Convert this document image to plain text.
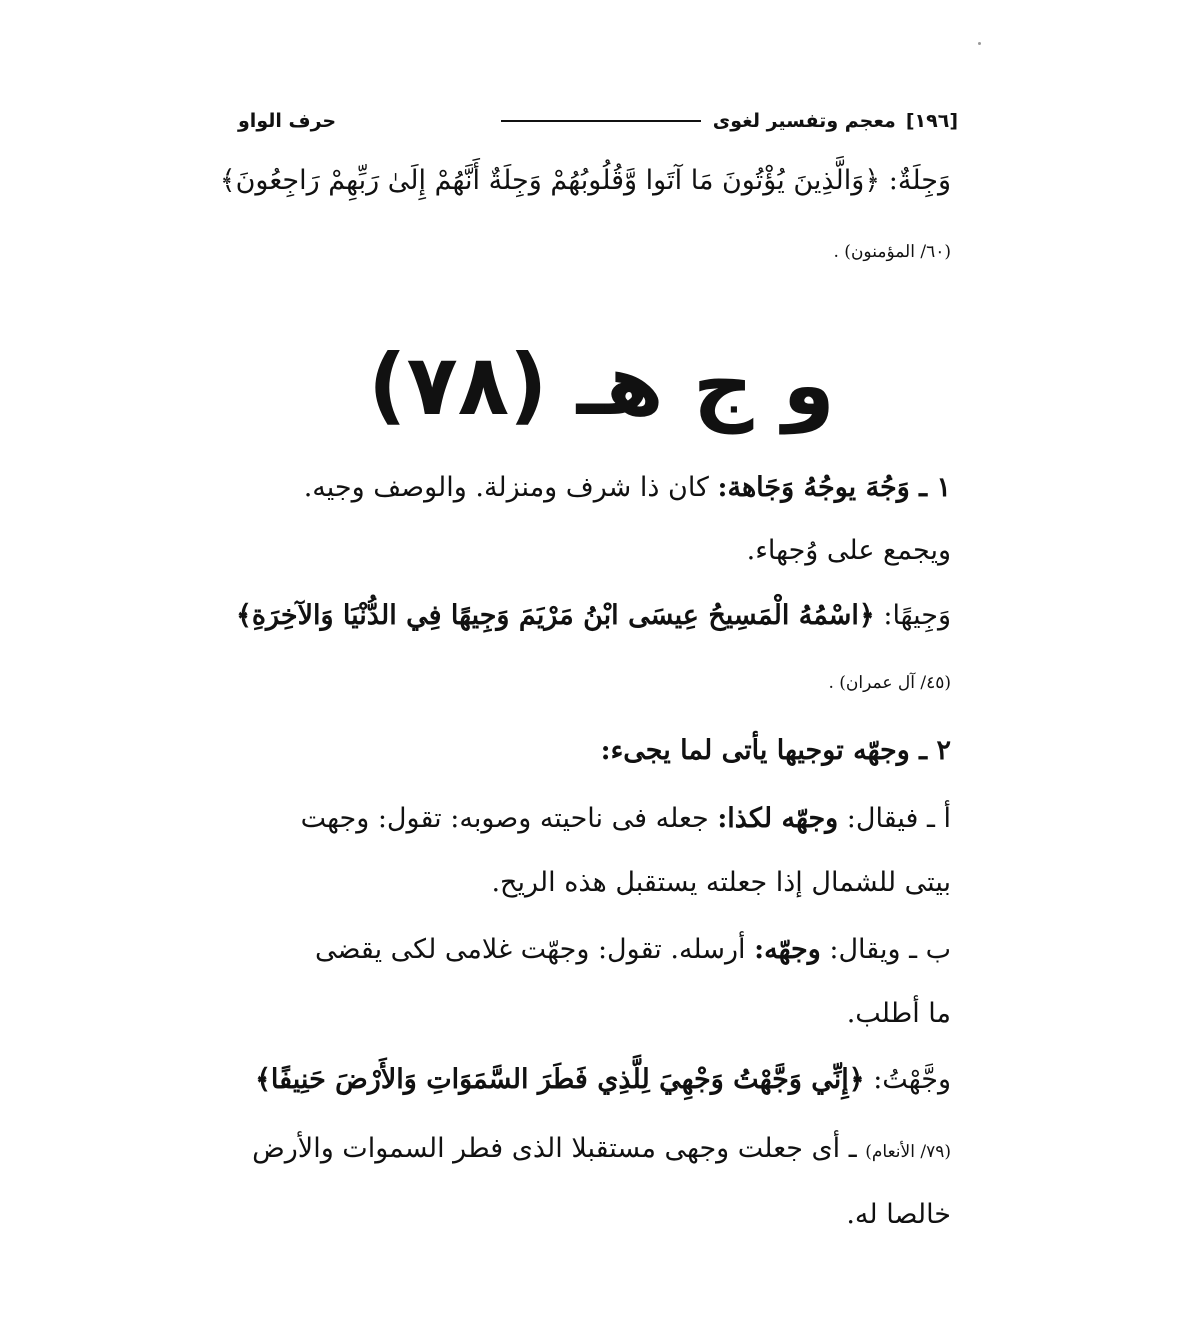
[١٩٦]
معجم وتفسير لغوى
حرف الواو
وَجِلَةٌ: ﴿وَالَّذِينَ يُؤْتُونَ مَا آتَوا وَّقُلُوبُهُمْ وَجِلَةٌ أَنَّهُمْ إِلَىٰ رَبِّهِمْ رَاجِعُونَ﴾
(٦٠/ المؤمنون) .
و ج هـ (٧٨)
١ ـ وَجُهَ يوجُهُ وَجَاهة: كان ذا شرف ومنزلة. والوصف وجيه.
ويجمع على وُجهاء.
وَجِيهًا: ﴿اسْمُهُ الْمَسِيحُ عِيسَى ابْنُ مَرْيَمَ وَجِيهًا فِي الدُّنْيَا وَالآخِرَةِ﴾
(٤٥/ آل عمران) .
٢ ـ وجهّه توجيها يأتى لما يجىء:
أ ـ فيقال: وجهّه لكذا: جعله فى ناحيته وصوبه: تقول: وجهت
بيتى للشمال إذا جعلته يستقبل هذه الريح.
ب ـ ويقال: وجهّه: أرسله. تقول: وجهّت غلامى لكى يقضى
ما أطلب.
وجَّهْتُ: ﴿إِنِّي وَجَّهْتُ وَجْهِيَ لِلَّذِي فَطَرَ السَّمَوَاتِ وَالأَرْضَ حَنِيفًا﴾
(٧٩/ الأنعام) ـ أى جعلت وجهى مستقبلا الذى فطر السموات والأرض
خالصا له.
